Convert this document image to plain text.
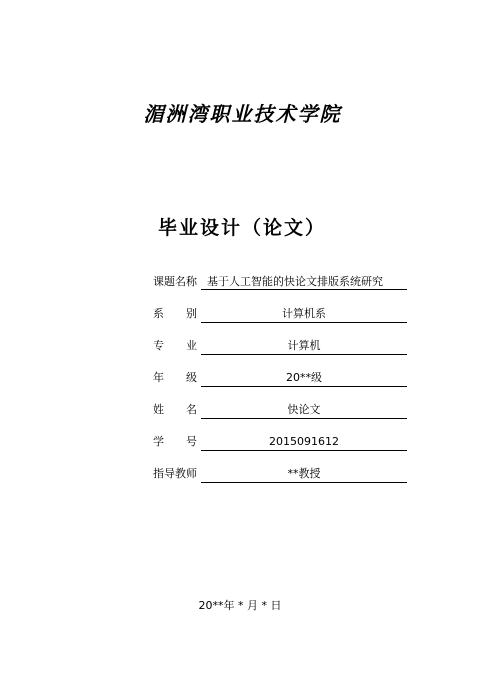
湄洲湾职业技术学院
毕业设计（论文）
课题名称 基于人工智能的快论文排版系统研究
系　　别	计算机系
专　　业	计算机
年　　级	20**级
姓　　名	快论文
学　　号	2015091612
指导教师	**教授
20**年 * 月 * 日
